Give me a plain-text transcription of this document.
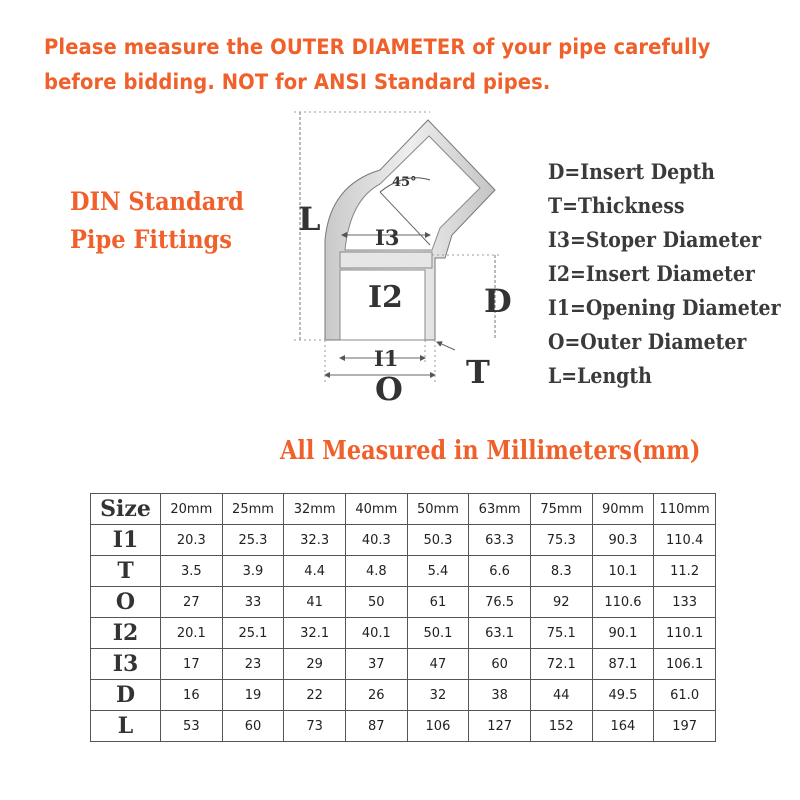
Please measure the OUTER DIAMETER of your pipe carefully before bidding. NOT for ANSI Standard pipes.
DIN Standard
Pipe Fittings
45°
L	I3
I2	D
I1
O T
D=Insert Depth
T=Thickness
I3=Stoper Diameter
I2=Insert Diameter
I1=Opening Diameter
O=Outer Diameter
L=Length
All Measured in Millimeters(mm)
Size	20mm	25mm	32mm	40mm	50mm	63mm	75mm	90mm	110mm
I1	20.3	25.3	32.3	40.3	50.3	63.3	75.3	90.3	110.4
T	3.5	3.9	4.4	4.8	5.4	6.6	8.3	10.1	11.2
O	27	33	41	50	61	76.5	92	110.6	133
I2	20.1	25.1	32.1	40.1	50.1	63.1	75.1	90.1	110.1
I3	17	23	29	37	47	60	72.1	87.1	106.1
D	16	19	22	26	32	38	44	49.5	61.0
L	53	60	73	87	106	127	152	164	197
